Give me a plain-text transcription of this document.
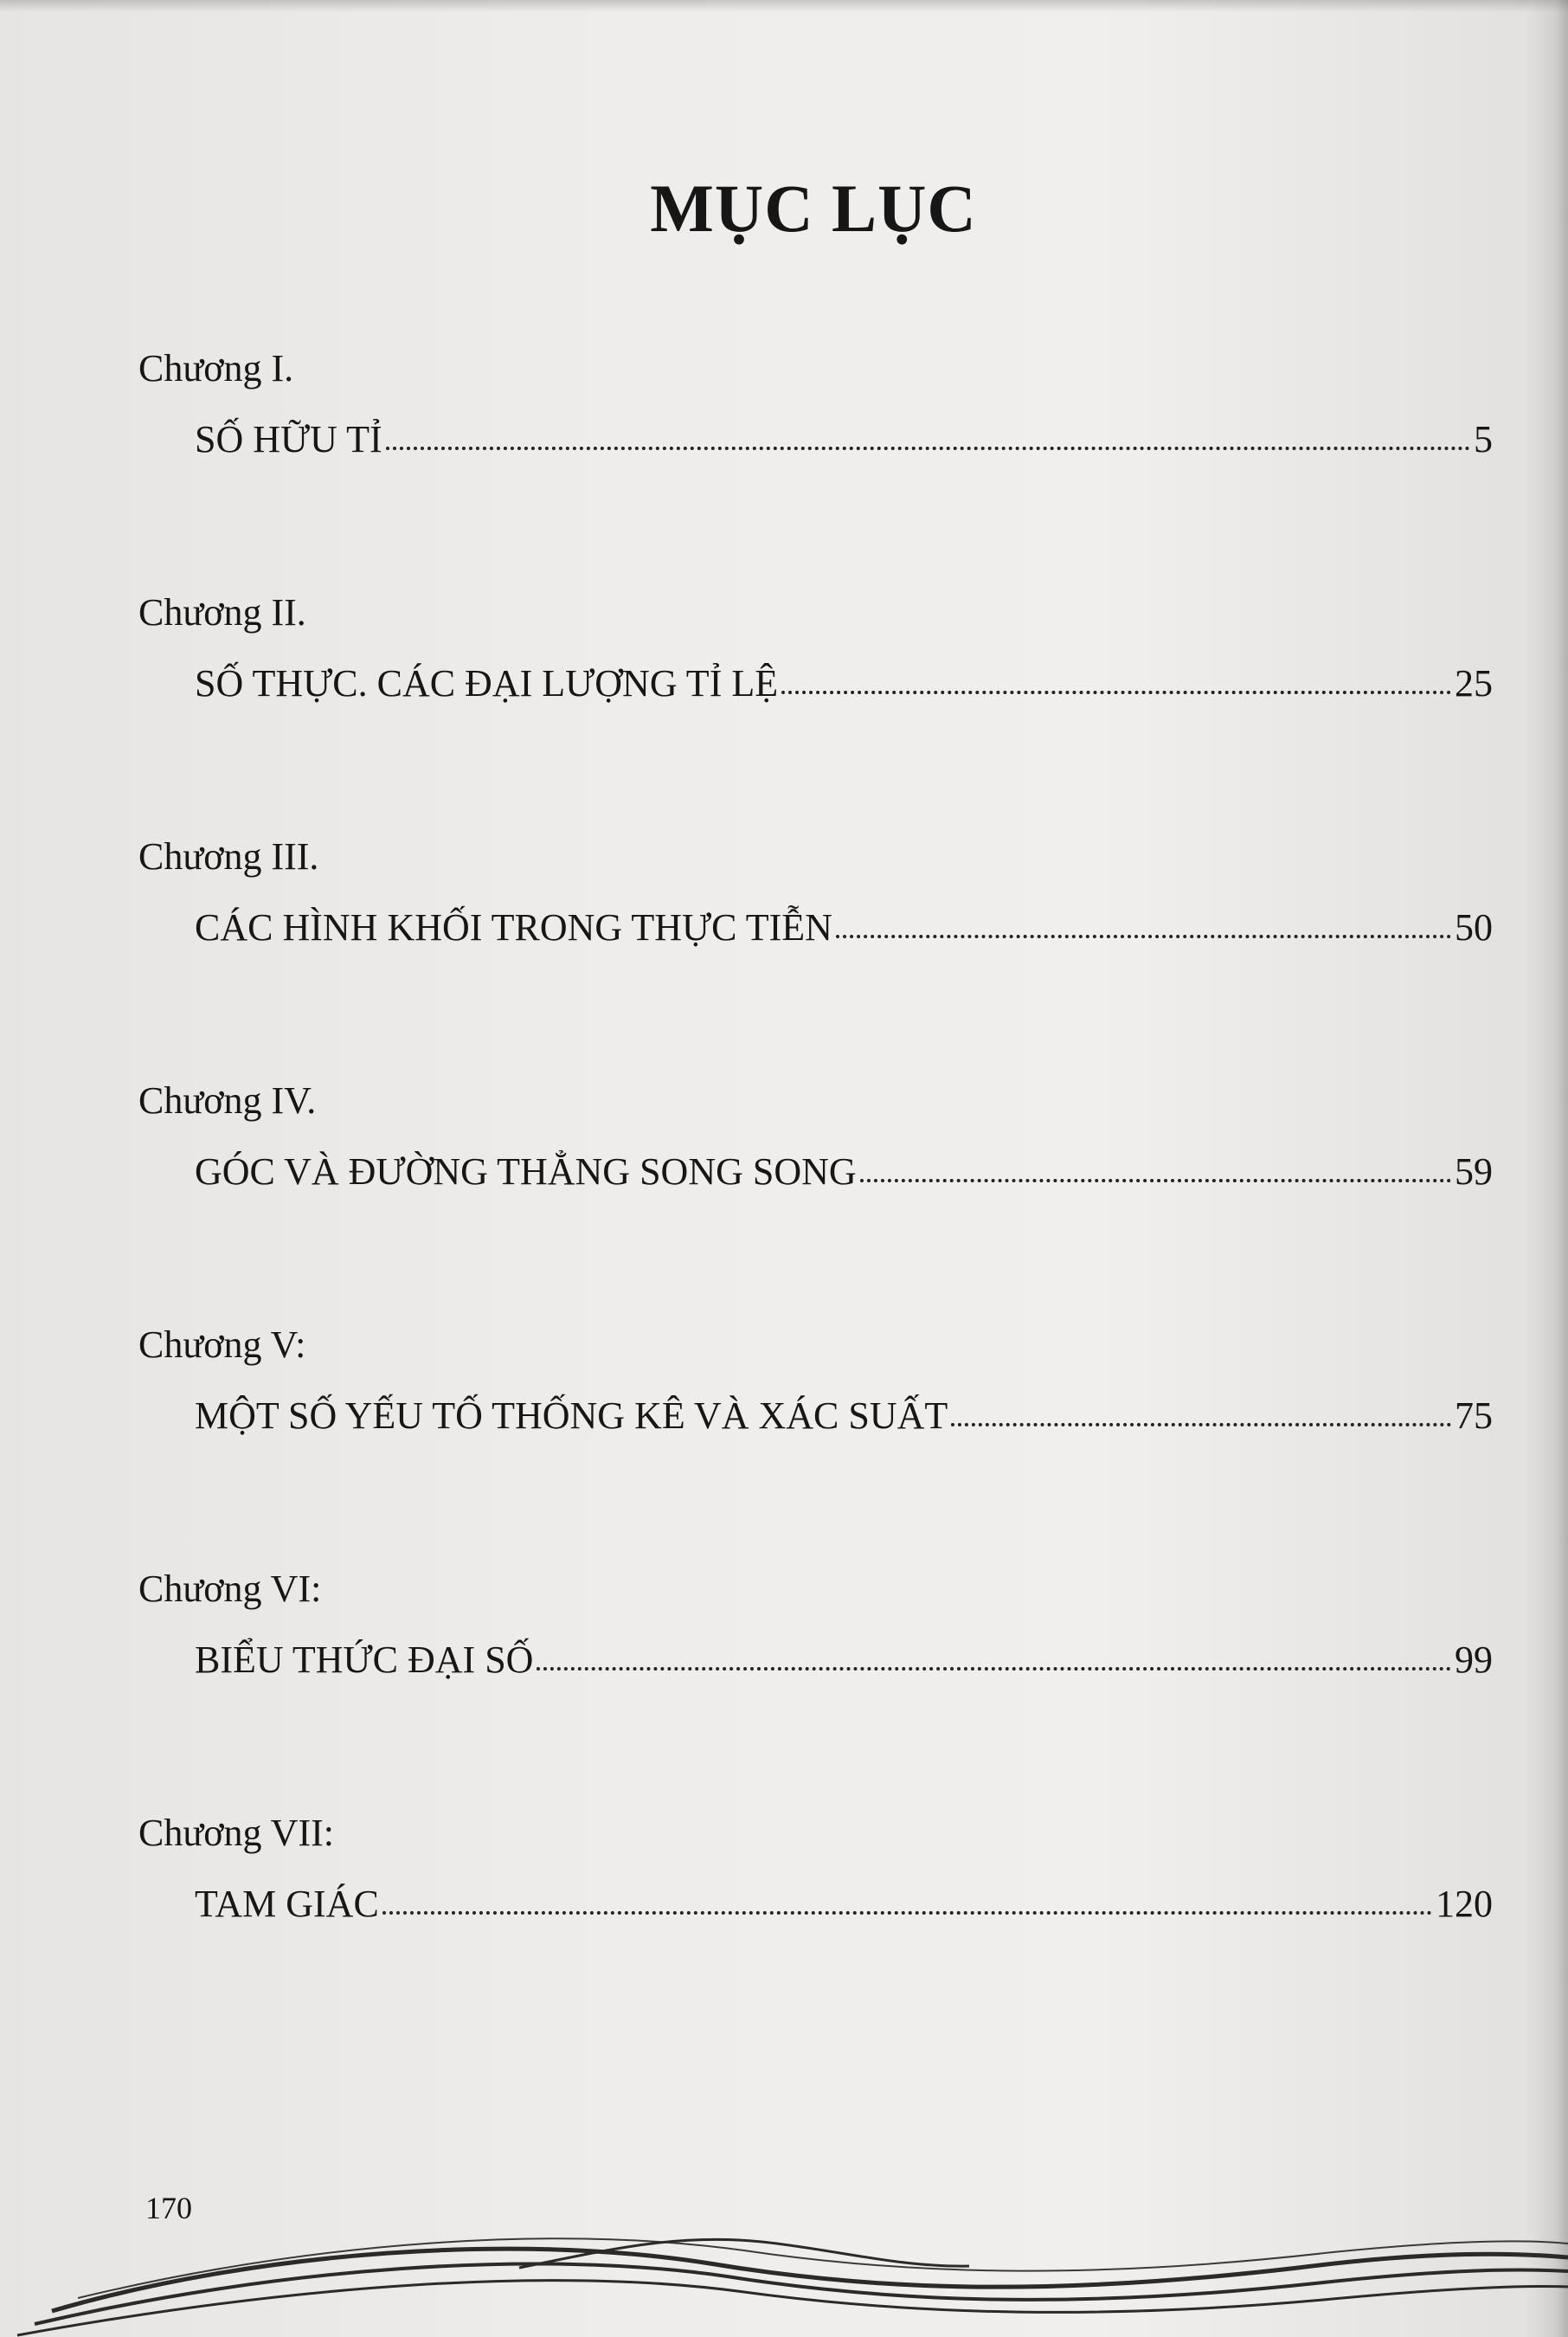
MỤC LỤC
Chương I.
SỐ HỮU TỈ	5
Chương II.
SỐ THỰC. CÁC ĐẠI LƯỢNG TỈ LỆ	25
Chương III.
CÁC HÌNH KHỐI TRONG THỰC TIỄN	50
Chương IV.
GÓC VÀ ĐƯỜNG THẲNG SONG SONG	59
Chương V:
MỘT SỐ YẾU TỐ THỐNG KÊ VÀ XÁC SUẤT	75
Chương VI:
BIỂU THỨC ĐẠI SỐ	99
Chương VII:
TAM GIÁC	120
170
